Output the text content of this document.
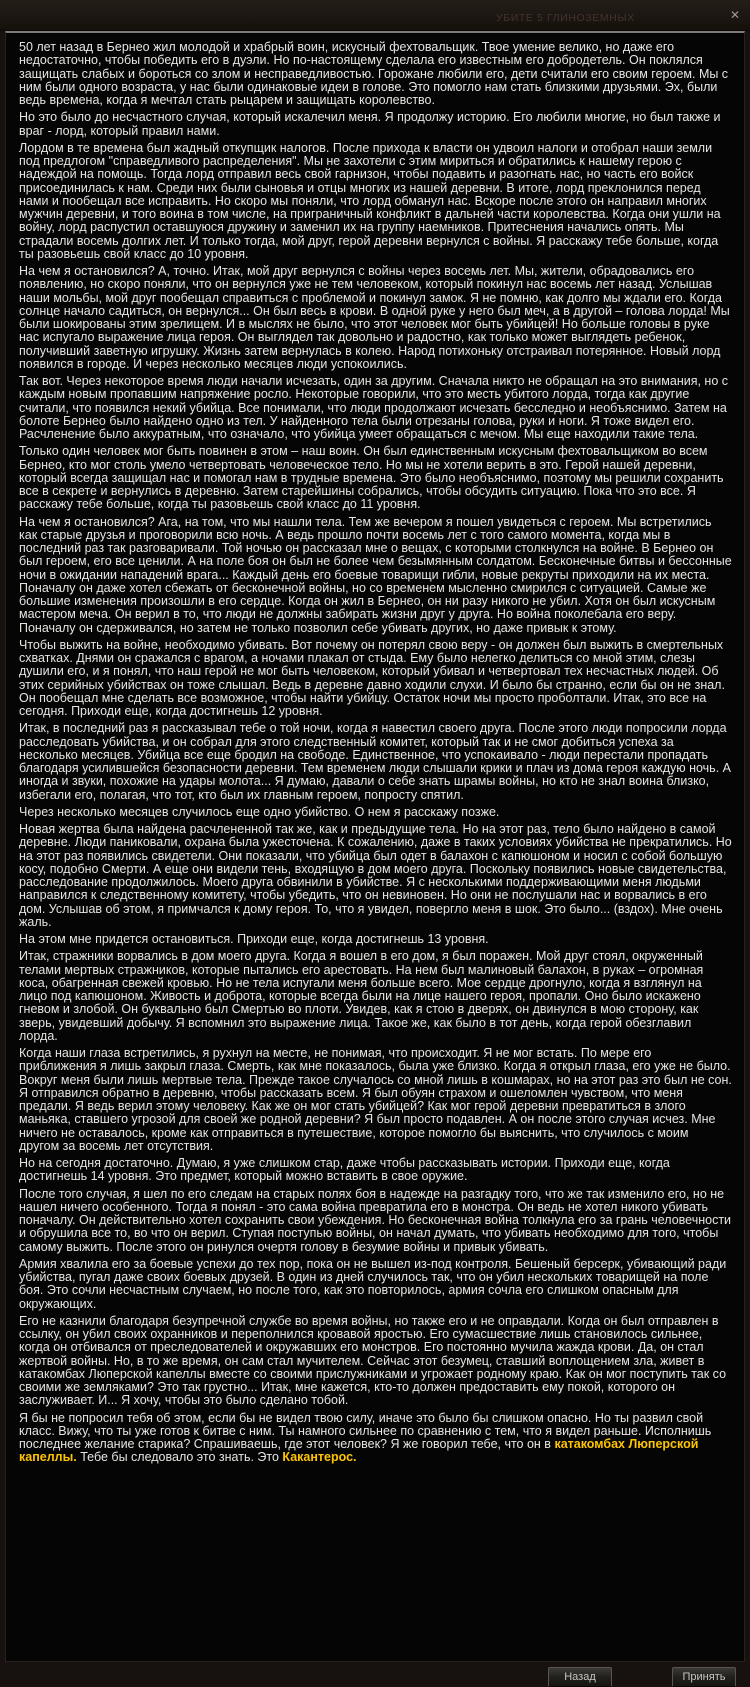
УБИТЕ 5 ГЛИНОЗЕМНЫХ	✕

50 лет назад в Бернео жил молодой и храбрый воин, искусный фехтовальщик. Твое умение велико, но даже его недостаточно, чтобы победить его в дуэли. Но по-настоящему сделала его известным его добродетель. Он поклялся защищать слабых и бороться со злом и несправедливостью. Горожане любили его, дети считали его своим героем. Мы с ним были одного возраста, у нас были одинаковые идеи в голове. Это помогло нам стать близкими друзьями. Эх, были ведь времена, когда я мечтал стать рыцарем и защищать королевство.

Но это было до несчастного случая, который искалечил меня. Я продолжу историю. Его любили многие, но был также и враг - лорд, который правил нами.

Лордом в те времена был жадный откупщик налогов. После прихода к власти он удвоил налоги и отобрал наши земли под предлогом "справедливого распределения". Мы не захотели с этим мириться и обратились к нашему герою с надеждой на помощь. Тогда лорд отправил весь свой гарнизон, чтобы подавить и разогнать нас, но часть его войск присоединилась к нам. Среди них были сыновья и отцы многих из нашей деревни. В итоге, лорд преклонился перед нами и пообещал все исправить. Но скоро мы поняли, что лорд обманул нас. Вскоре после этого он направил многих мужчин деревни, и того воина в том числе, на приграничный конфликт в дальней части королевства. Когда они ушли на войну, лорд распустил оставшуюся дружину и заменил их на группу наемников. Притеснения начались опять. Мы страдали восемь долгих лет. И только тогда, мой друг, герой деревни вернулся с войны. Я расскажу тебе больше, когда ты разовьешь свой класс до 10 уровня.

На чем я остановился? А, точно. Итак, мой друг вернулся с войны через восемь лет. Мы, жители, обрадовались его появлению, но скоро поняли, что он вернулся уже не тем человеком, который покинул нас восемь лет назад. Услышав наши мольбы, мой друг пообещал справиться с проблемой и покинул замок. Я не помню, как долго мы ждали его. Когда солнце начало садиться, он вернулся... Он был весь в крови. В одной руке у него был меч, а в другой – голова лорда! Мы были шокированы этим зрелищем. И в мыслях не было, что этот человек мог быть убийцей! Но больше головы в руке нас испугало выражение лица героя. Он выглядел так довольно и радостно, как только может выглядеть ребенок, получивший заветную игрушку. Жизнь затем вернулась в колею. Народ потихоньку отстраивал потерянное. Новый лорд появился в городе. И через несколько месяцев люди успокоились.

Так вот. Через некоторое время люди начали исчезать, один за другим. Сначала никто не обращал на это внимания, но с каждым новым пропавшим напряжение росло. Некоторые говорили, что это месть убитого лорда, тогда как другие считали, что появился некий убийца. Все понимали, что люди продолжают исчезать бесследно и необъяснимо. Затем на болоте Бернео было найдено одно из тел. У найденного тела были отрезаны голова, руки и ноги. Я тоже видел его. Расчленение было аккуратным, что означало, что убийца умеет обращаться с мечом. Мы еще находили такие тела.

Только один человек мог быть повинен в этом – наш воин. Он был единственным искусным фехтовальщиком во всем Бернео, кто мог столь умело четвертовать человеческое тело. Но мы не хотели верить в это. Герой нашей деревни, который всегда защищал нас и помогал нам в трудные времена. Это было необъяснимо, поэтому мы решили сохранить все в секрете и вернулись в деревню. Затем старейшины собрались, чтобы обсудить ситуацию. Пока что это все. Я расскажу тебе больше, когда ты разовьешь свой класс до 11 уровня.

На чем я остановился? Ага, на том, что мы нашли тела. Тем же вечером я пошел увидеться с героем. Мы встретились как старые друзья и проговорили всю ночь. А ведь прошло почти восемь лет с того самого момента, когда мы в последний раз так разговаривали. Той ночью он рассказал мне о вещах, с которыми столкнулся на войне. В Бернео он был героем, его все ценили. А на поле боя он был не более чем безымянным солдатом. Бесконечные битвы и бессонные ночи в ожидании нападений врага... Каждый день его боевые товарищи гибли, новые рекруты приходили на их места. Поначалу он даже хотел сбежать от бесконечной войны, но со временем мысленно смирился с ситуацией. Самые же большие изменения произошли в его сердце. Когда он жил в Бернео, он ни разу никого не убил. Хотя он был искусным мастером меча. Он верил в то, что люди не должны забирать жизни друг у друга. Но война поколебала его веру. Поначалу он сдерживался, но затем не только позволил себе убивать других, но даже привык к этому.

Чтобы выжить на войне, необходимо убивать. Вот почему он потерял свою веру - он должен был выжить в смертельных схватках. Днями он сражался с врагом, а ночами плакал от стыда. Ему было нелегко делиться со мной этим, слезы душили его, и я понял, что наш герой не мог быть человеком, который убивал и четвертовал тех несчастных людей. Об этих серийных убийствах он тоже слышал. Ведь в деревне давно ходили слухи. И было бы странно, если бы он не знал. Он пообещал мне сделать все возможное, чтобы найти убийцу. Остаток ночи мы просто проболтали. Итак, это все на сегодня. Приходи еще, когда достигнешь 12 уровня.

Итак, в последний раз я рассказывал тебе о той ночи, когда я навестил своего друга. После этого люди попросили лорда расследовать убийства, и он собрал для этого следственный комитет, который так и не смог добиться успеха за несколько месяцев. Убийца все еще бродил на свободе. Единственное, что успокаивало - люди перестали пропадать благодаря усилившейся безопасности деревни. Тем временем люди слышали крики и плач из дома героя каждую ночь. А иногда и звуки, похожие на удары молота... Я думаю, давали о себе знать шрамы войны, но кто не знал воина близко, избегали его, полагая, что тот, кто был их главным героем, попросту спятил.

Через несколько месяцев случилось еще одно убийство. О нем я расскажу позже.

Новая жертва была найдена расчлененной так же, как и предыдущие тела. Но на этот раз, тело было найдено в самой деревне. Люди паниковали, охрана была ужесточена. К сожалению, даже в таких условиях убийства не прекратились. Но на этот раз появились свидетели. Они показали, что убийца был одет в балахон с капюшоном и носил с собой большую косу, подобно Смерти. А еще они видели тень, входящую в дом моего друга. Поскольку появились новые свидетельства, расследование продолжилось. Моего друга обвинили в убийстве. Я с несколькими поддерживающими меня людьми направился к следственному комитету, чтобы убедить, что он невиновен. Но они не послушали нас и ворвались в его дом. Услышав об этом, я примчался к дому героя. То, что я увидел, повергло меня в шок. Это было... (вздох). Мне очень жаль.

На этом мне придется остановиться. Приходи еще, когда достигнешь 13 уровня.

Итак, стражники ворвались в дом моего друга. Когда я вошел в его дом, я был поражен. Мой друг стоял, окруженный телами мертвых стражников, которые пытались его арестовать. На нем был малиновый балахон, в руках – огромная коса, обагренная свежей кровью. Но не тела испугали меня больше всего. Мое сердце дрогнуло, когда я взглянул на лицо под капюшоном. Живость и доброта, которые всегда были на лице нашего героя, пропали. Оно было искажено гневом и злобой. Он буквально был Смертью во плоти. Увидев, как я стою в дверях, он двинулся в мою сторону, как зверь, увидевший добычу. Я вспомнил это выражение лица. Такое же, как было в тот день, когда герой обезглавил лорда.

Когда наши глаза встретились, я рухнул на месте, не понимая, что происходит. Я не мог встать. По мере его приближения я лишь закрыл глаза. Смерть, как мне показалось, была уже близко. Когда я открыл глаза, его уже не было. Вокруг меня были лишь мертвые тела. Прежде такое случалось со мной лишь в кошмарах, но на этот раз это был не сон. Я отправился обратно в деревню, чтобы рассказать всем. Я был обуян страхом и ошеломлен чувством, что меня предали. Я ведь верил этому человеку. Как же он мог стать убийцей? Как мог герой деревни превратиться в злого маньяка, ставшего угрозой для своей же родной деревни? Я был просто подавлен. А он после этого случая исчез. Мне ничего не оставалось, кроме как отправиться в путешествие, которое помогло бы выяснить, что случилось с моим другом за восемь лет отсутствия.

Но на сегодня достаточно. Думаю, я уже слишком стар, даже чтобы рассказывать истории. Приходи еще, когда достигнешь 14 уровня. Это предмет, который можно вставить в свое оружие.

После того случая, я шел по его следам на старых полях боя в надежде на разгадку того, что же так изменило его, но не нашел ничего особенного. Тогда я понял - это сама война превратила его в монстра. Он ведь не хотел никого убивать поначалу. Он действительно хотел сохранить свои убеждения. Но бесконечная война толкнула его за грань человечности и обрушила все то, во что он верил. Ступая поступью войны, он начал думать, что убивать необходимо для того, чтобы самому выжить. После этого он ринулся очертя голову в безумие войны и привык убивать.

Армия хвалила его за боевые успехи до тех пор, пока он не вышел из-под контроля. Бешеный берсерк, убивающий ради убийства, пугал даже своих боевых друзей. В один из дней случилось так, что он убил нескольких товарищей на поле боя. Это сочли несчастным случаем, но после того, как это повторилось, армия сочла его слишком опасным для окружающих.

Его не казнили благодаря безупречной службе во время войны, но также его и не оправдали. Когда он был отправлен в ссылку, он убил своих охранников и переполнился кровавой яростью. Его сумасшествие лишь становилось сильнее, когда он отбивался от преследователей и окружавших его монстров. Его постоянно мучила жажда крови. Да, он стал жертвой войны. Но, в то же время, он сам стал мучителем. Сейчас этот безумец, ставший воплощением зла, живет в катакомбах Люперской капеллы вместе со своими прислужниками и угрожает родному краю. Как он мог поступить так со своими же земляками? Это так грустно... Итак, мне кажется, кто-то должен предоставить ему покой, которого он заслуживает. И... Я хочу, чтобы это было сделано тобой.

Я бы не попросил тебя об этом, если бы не видел твою силу, иначе это было бы слишком опасно. Но ты развил свой класс. Вижу, что ты уже готов к битве с ним. Ты намного сильнее по сравнению с тем, что я видел раньше. Исполнишь последнее желание старика? Спрашиваешь, где этот человек? Я же говорил тебе, что он в катакомбах Люперской капеллы. Тебе бы следовало это знать. Это Какантерос.

Назад	Принять
